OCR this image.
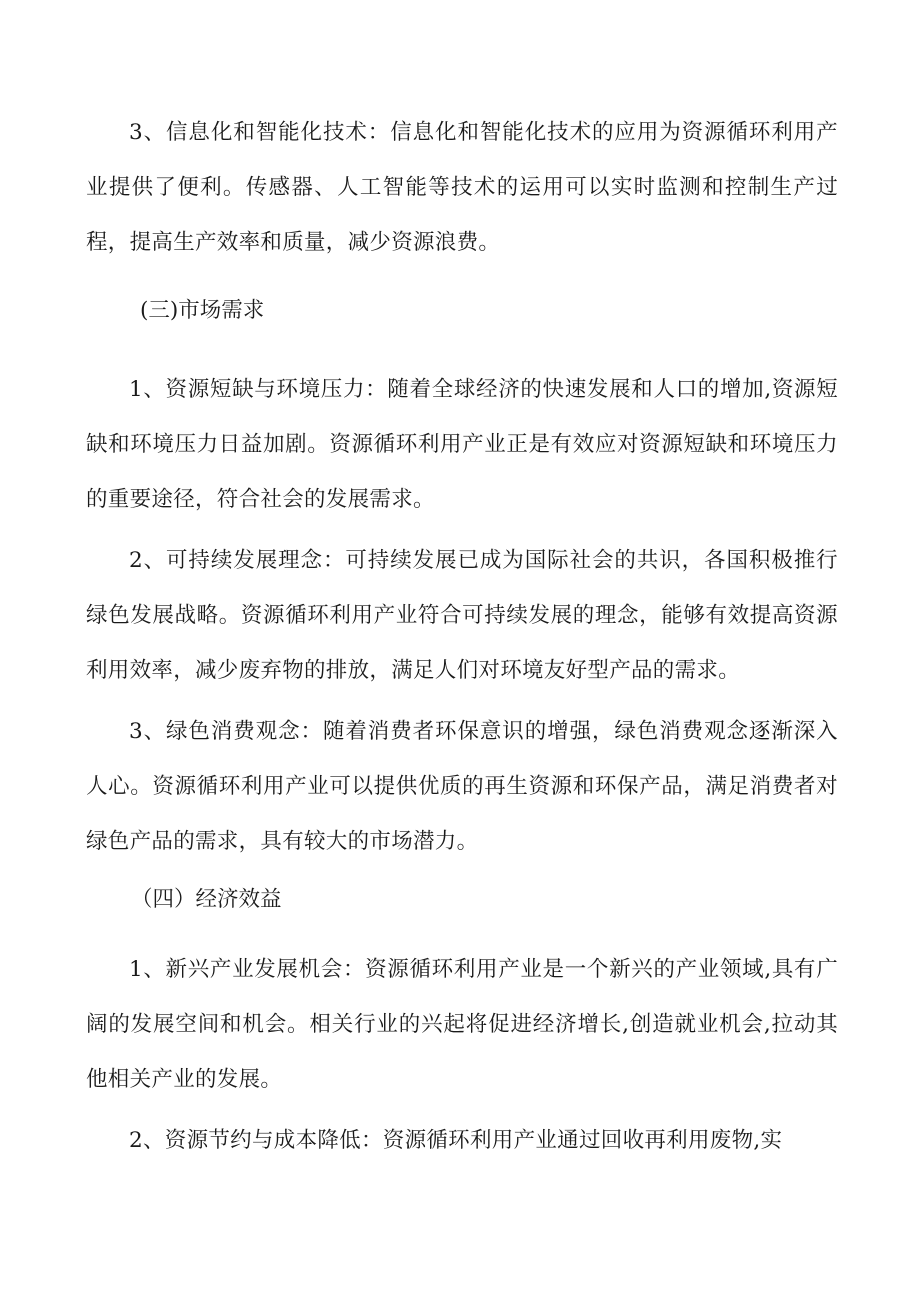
3、信息化和智能化技术：信息化和智能化技术的应用为资源循环利用产业提供了便利。传感器、人工智能等技术的运用可以实时监测和控制生产过程，提高生产效率和质量，减少资源浪费。

(三)市场需求

1、资源短缺与环境压力：随着全球经济的快速发展和人口的增加,资源短缺和环境压力日益加剧。资源循环利用产业正是有效应对资源短缺和环境压力的重要途径，符合社会的发展需求。

2、可持续发展理念：可持续发展已成为国际社会的共识，各国积极推行绿色发展战略。资源循环利用产业符合可持续发展的理念，能够有效提高资源利用效率，减少废弃物的排放，满足人们对环境友好型产品的需求。

3、绿色消费观念：随着消费者环保意识的增强，绿色消费观念逐渐深入人心。资源循环利用产业可以提供优质的再生资源和环保产品，满足消费者对绿色产品的需求，具有较大的市场潜力。

（四）经济效益

1、新兴产业发展机会：资源循环利用产业是一个新兴的产业领域,具有广阔的发展空间和机会。相关行业的兴起将促进经济增长,创造就业机会,拉动其他相关产业的发展。

2、资源节约与成本降低：资源循环利用产业通过回收再利用废物,实
